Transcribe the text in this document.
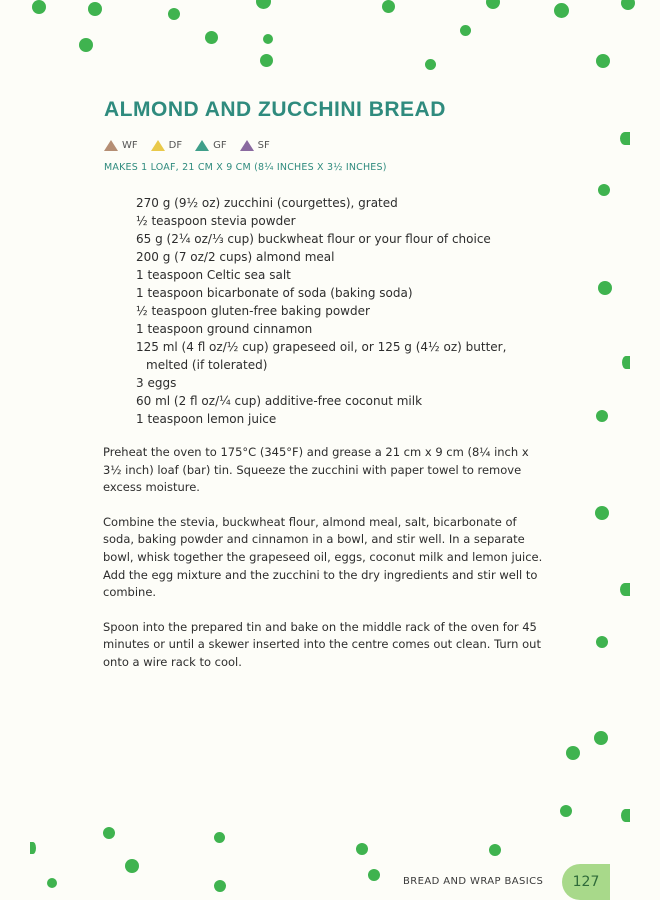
ALMOND AND ZUCCHINI BREAD
WF	DF	GF	SF
MAKES 1 LOAF, 21 CM X 9 CM (8¼ INCHES X 3½ INCHES)
270 g (9½ oz) zucchini (courgettes), grated
½ teaspoon stevia powder
65 g (2¼ oz/⅓ cup) buckwheat flour or your flour of choice
200 g (7 oz/2 cups) almond meal
1 teaspoon Celtic sea salt
1 teaspoon bicarbonate of soda (baking soda)
½ teaspoon gluten-free baking powder
1 teaspoon ground cinnamon
125 ml (4 fl oz/½ cup) grapeseed oil, or 125 g (4½ oz) butter,
melted (if tolerated)
3 eggs
60 ml (2 fl oz/¼ cup) additive-free coconut milk
1 teaspoon lemon juice

Preheat the oven to 175°C (345°F) and grease a 21 cm x 9 cm (8¼ inch x 3½ inch) loaf (bar) tin. Squeeze the zucchini with paper towel to remove excess moisture.

Combine the stevia, buckwheat flour, almond meal, salt, bicarbonate of soda, baking powder and cinnamon in a bowl, and stir well. In a separate bowl, whisk together the grapeseed oil, eggs, coconut milk and lemon juice. Add the egg mixture and the zucchini to the dry ingredients and stir well to combine.

Spoon into the prepared tin and bake on the middle rack of the oven for 45 minutes or until a skewer inserted into the centre comes out clean. Turn out onto a wire rack to cool.

BREAD AND WRAP BASICS 127
